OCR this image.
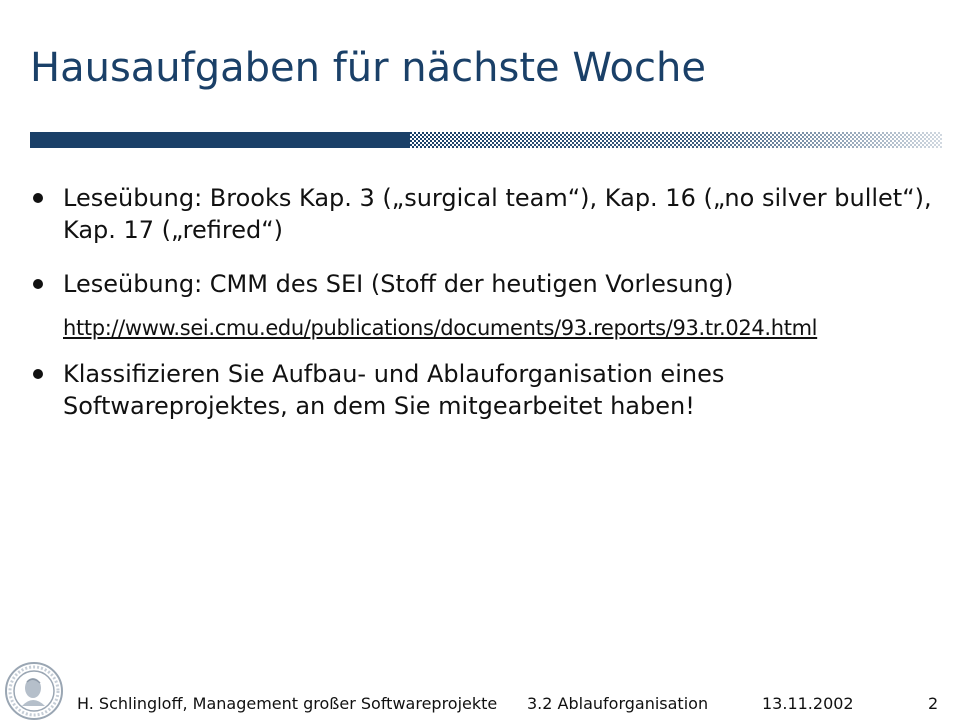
Hausaufgaben für nächste Woche
Leseübung: Brooks Kap. 3 („surgical team“), Kap. 16 („no silver bullet“), Kap. 17 („refired“)
Leseübung: CMM des SEI (Stoff der heutigen Vorlesung)
http://www.sei.cmu.edu/publications/documents/93.reports/93.tr.024.html
Klassifizieren Sie Aufbau- und Ablauforganisation eines Softwareprojektes, an dem Sie mitgearbeitet haben!
H. Schlingloff, Management großer Softwareprojekte 3.2 Ablauforganisation	13.11.2002	2
